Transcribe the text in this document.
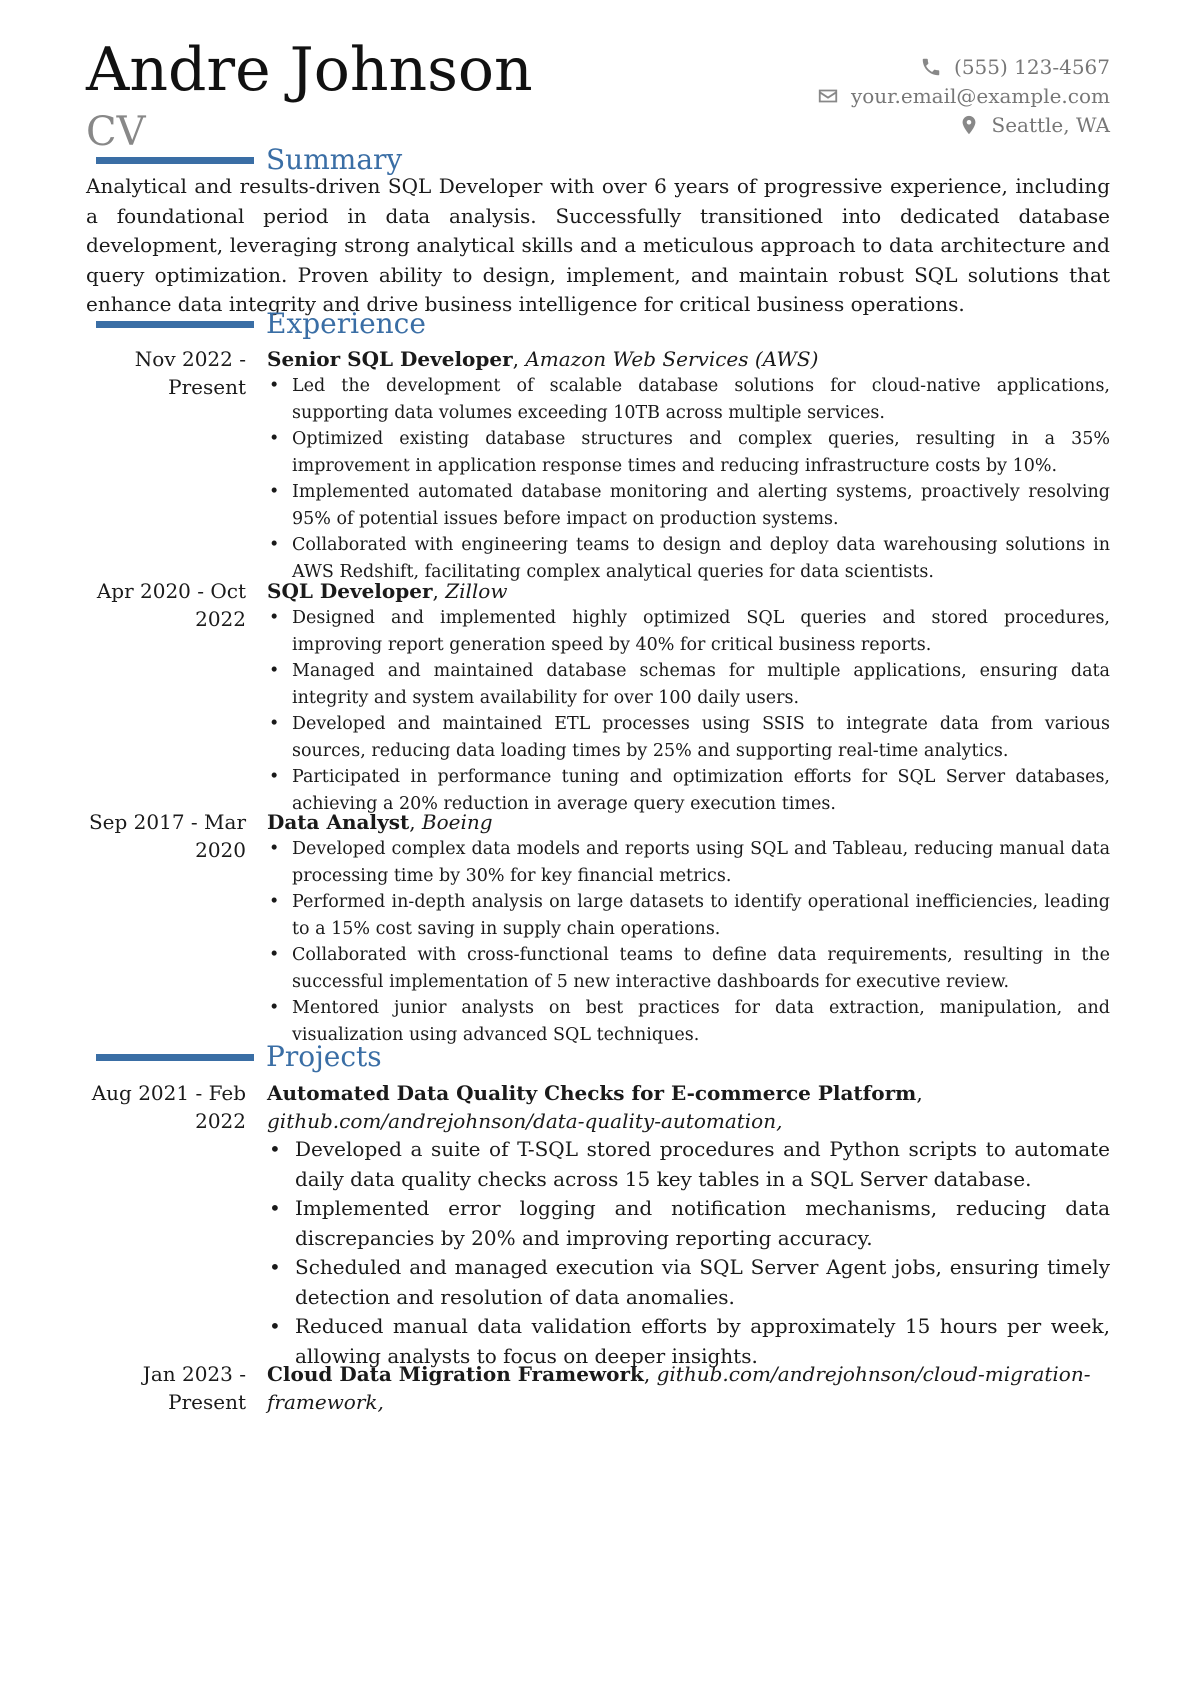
Andre Johnson
CV
(555) 123-4567
your.email@example.com
Seattle, WA
Summary
Analytical and results-driven SQL Developer with over 6 years of progressive experience, including a foundational period in data analysis. Successfully transitioned into dedicated database development, leveraging strong analytical skills and a meticulous approach to data architecture and query optimization. Proven ability to design, implement, and maintain robust SQL solutions that enhance data integrity and drive business intelligence for critical business operations.
Experience
Nov 2022 - Present
Senior SQL Developer, Amazon Web Services (AWS)
• Led the development of scalable database solutions for cloud-native applications, supporting data volumes exceeding 10TB across multiple services.
• Optimized existing database structures and complex queries, resulting in a 35% improvement in application response times and reducing infrastructure costs by 10%.
• Implemented automated database monitoring and alerting systems, proactively resolving 95% of potential issues before impact on production systems.
• Collaborated with engineering teams to design and deploy data warehousing solutions in AWS Redshift, facilitating complex analytical queries for data scientists.
Apr 2020 - Oct 2022
SQL Developer, Zillow
• Designed and implemented highly optimized SQL queries and stored procedures, improving report generation speed by 40% for critical business reports.
• Managed and maintained database schemas for multiple applications, ensuring data integrity and system availability for over 100 daily users.
• Developed and maintained ETL processes using SSIS to integrate data from various sources, reducing data loading times by 25% and supporting real-time analytics.
• Participated in performance tuning and optimization efforts for SQL Server databases, achieving a 20% reduction in average query execution times.
Sep 2017 - Mar 2020
Data Analyst, Boeing
• Developed complex data models and reports using SQL and Tableau, reducing manual data processing time by 30% for key financial metrics.
• Performed in-depth analysis on large datasets to identify operational inefficiencies, leading to a 15% cost saving in supply chain operations.
• Collaborated with cross-functional teams to define data requirements, resulting in the successful implementation of 5 new interactive dashboards for executive review.
• Mentored junior analysts on best practices for data extraction, manipulation, and visualization using advanced SQL techniques.
Projects
Aug 2021 - Feb 2022
Automated Data Quality Checks for E-commerce Platform, github.com/andrejohnson/data-quality-automation,
• Developed a suite of T-SQL stored procedures and Python scripts to automate daily data quality checks across 15 key tables in a SQL Server database.
• Implemented error logging and notification mechanisms, reducing data discrepancies by 20% and improving reporting accuracy.
• Scheduled and managed execution via SQL Server Agent jobs, ensuring timely detection and resolution of data anomalies.
• Reduced manual data validation efforts by approximately 15 hours per week, allowing analysts to focus on deeper insights.
Jan 2023 - Present
Cloud Data Migration Framework, github.com/andrejohnson/cloud-migration-framework,
